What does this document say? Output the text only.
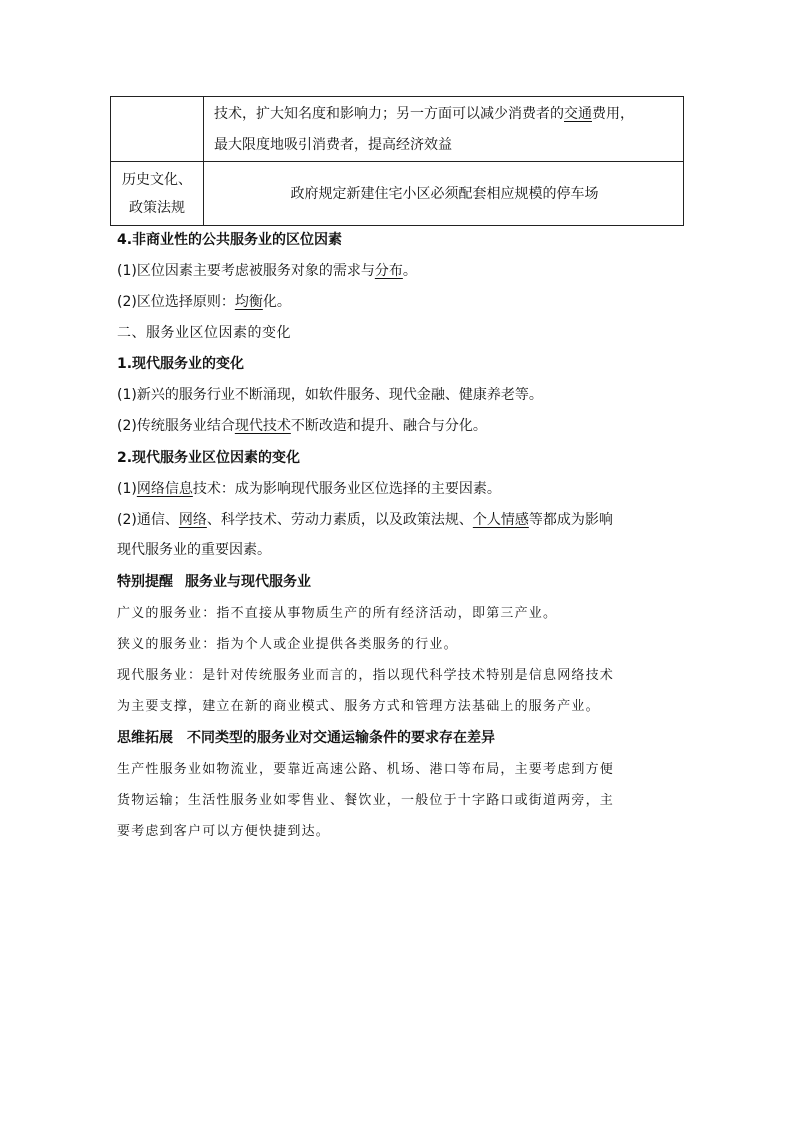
	技术，扩大知名度和影响力；另一方面可以减少消费者的交通费用，
最大限度地吸引消费者，提高经济效益

历史文化、
政策法规	政府规定新建住宅小区必须配套相应规模的停车场
4.非商业性的公共服务业的区位因素
(1)区位因素主要考虑被服务对象的需求与分布。
(2)区位选择原则：均衡化。
二、服务业区位因素的变化
1.现代服务业的变化
(1)新兴的服务行业不断涌现，如软件服务、现代金融、健康养老等。
(2)传统服务业结合现代技术不断改造和提升、融合与分化。
2.现代服务业区位因素的变化
(1)网络信息技术：成为影响现代服务业区位选择的主要因素。
(2)通信、网络、科学技术、劳动力素质，以及政策法规、个人情感等都成为影响
现代服务业的重要因素。
特别提醒 服务业与现代服务业
广义的服务业：指不直接从事物质生产的所有经济活动，即第三产业。
狭义的服务业：指为个人或企业提供各类服务的行业。
现代服务业：是针对传统服务业而言的，指以现代科学技术特别是信息网络技术
为主要支撑，建立在新的商业模式、服务方式和管理方法基础上的服务产业。
思维拓展 不同类型的服务业对交通运输条件的要求存在差异
生产性服务业如物流业，要靠近高速公路、机场、港口等布局，主要考虑到方便
货物运输；生活性服务业如零售业、餐饮业，一般位于十字路口或街道两旁，主
要考虑到客户可以方便快捷到达。
